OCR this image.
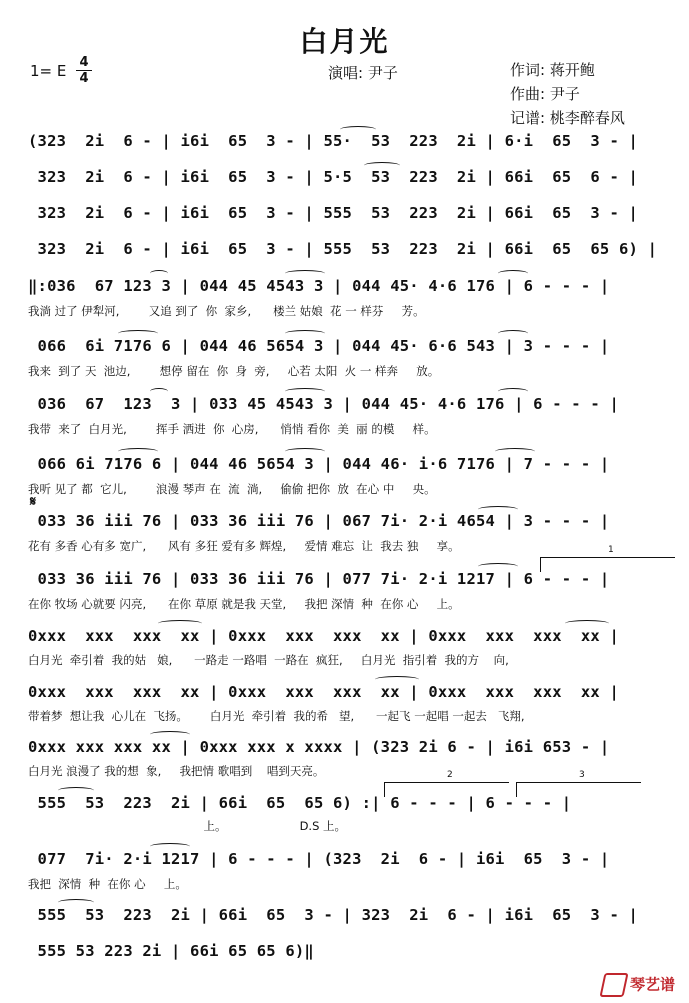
白月光
1= E 4
4	演唱: 尹子	作词: 蒋开鲍
作曲: 尹子
记谱: 桃李醉春风
(323  2i  6 - | i6i  65  3 - | 55·  53  223  2i | 6·i  65  3 - |
323  2i  6 - | i6i  65  3 - | 5·5  53  223  2i | 66i  65  6 - |
323  2i  6 - | i6i  65  3 - | 555  53  223  2i | 66i  65  3 - |
323  2i  6 - | i6i  65  3 - | 555  53  223  2i | 66i  65  65 6) |
‖:036  67 123 3 | 044 45 4543 3 | 044 45· 4·6 176 | 6 - - - |
我淌 过了 伊犁河,        又追 到了  你  家乡,      楼兰 姑娘  花 一 样芬     芳。
066  6i 7176 6 | 044 46 5654 3 | 044 45· 6·6 543 | 3 - - - |
我来  到了 天  池边,        想停 留在  你  身  旁,     心若 太阳  火 一 样奔     放。
036  67  123  3 | 033 45 4543 3 | 044 45· 4·6 176 | 6 - - - |
我带  来了  白月光,        挥手 洒进  你  心房,      悄悄 看你  美  丽 的模     样。
066 6i 7176 6 | 044 46 5654 3 | 044 46· i·6 7176 | 7 - - - |
我听 见了 都  它儿,        浪漫 琴声 在  流  淌,     偷偷 把你  放  在心 中     央。
𝄋
033 36 iii 76 | 033 36 iii 76 | 067 7i· 2·i 4654 | 3 - - - |
花有 多香 心有多 宽广,      风有 多狂 爱有多 辉煌,     爱情 难忘  让  我去 独     享。	1
033 36 iii 76 | 033 36 iii 76 | 077 7i· 2·i 1217 | 6 - - - |
在你 牧场 心就要 闪亮,      在你 草原 就是我 天堂,     我把 深情  种  在你 心     上。
0xxx  xxx  xxx  xx | 0xxx  xxx  xxx  xx | 0xxx  xxx  xxx  xx |
白月光  牵引着  我的姑   娘,      一路走 一路唱  一路在  疯狂,     白月光  指引着  我的方    向,
0xxx  xxx  xxx  xx | 0xxx  xxx  xxx  xx | 0xxx  xxx  xxx  xx |
带着梦  想让我  心儿在  飞扬。      白月光  牵引着  我的希   望,      一起飞 一起唱 一起去   飞翔,
0xxx xxx xxx xx | 0xxx xxx x xxxx | (323 2i 6 - | i6i 653 - |
白月光 浪漫了 我的想  象,     我把情 歌唱到    唱到天亮。	2	3
555  53  223  2i | 66i  65  65 6) :| 6 - - - | 6 - - - |
上。                    D.S 上。
077  7i· 2·i 1217 | 6 - - - | (323  2i  6 - | i6i  65  3 - |
我把  深情  种  在你 心     上。
555  53  223  2i | 66i  65  3 - | 323  2i  6 - | i6i  65  3 - |
555 53 223 2i | 66i 65 65 6)‖
琴艺谱
